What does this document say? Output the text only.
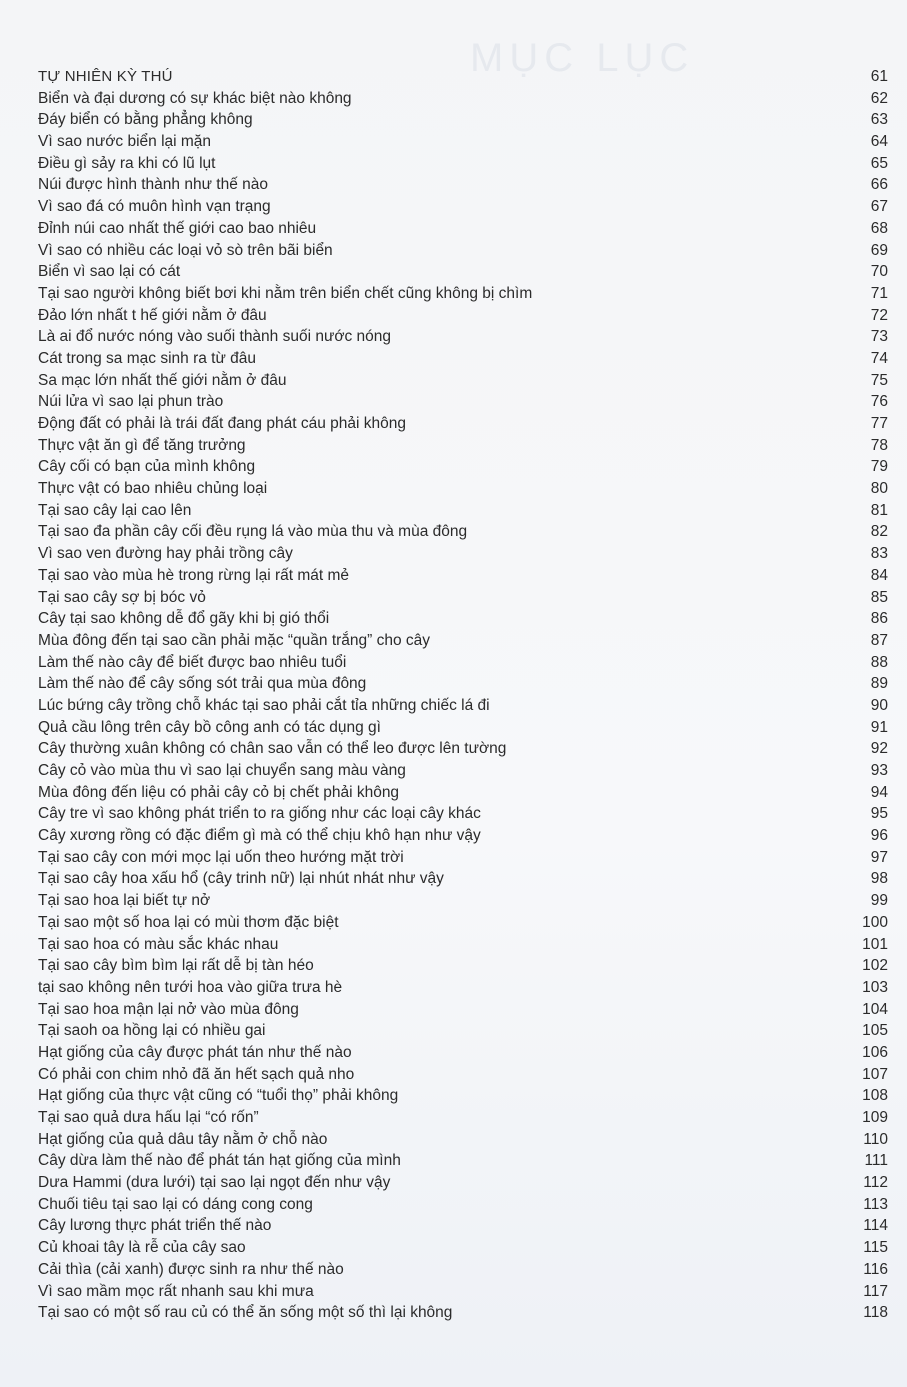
MỤC LỤC
TỰ NHIÊN KỲ THÚ	61
Biển và đại dương có sự khác biệt nào không	62
Đáy biển có bằng phẳng không	63
Vì sao nước biển lại mặn	64
Điều gì sảy ra khi có lũ lụt	65
Núi được hình thành như thế nào	66
Vì sao đá có muôn hình vạn trạng	67
Đỉnh núi cao nhất thế giới cao bao nhiêu	68
Vì sao có nhiều các loại vỏ sò trên bãi biển	69
Biển vì sao lại có cát	70
Tại sao người không biết bơi khi nằm trên biển chết cũng không bị chìm	71
Đảo lớn nhất t hế giới nằm ở đâu	72
Là ai đổ nước nóng vào suối thành suối nước nóng	73
Cát trong sa mạc sinh ra từ đâu	74
Sa mạc lớn nhất thế giới nằm ở đâu	75
Núi lửa vì sao lại phun trào	76
Động đất có phải là trái đất đang phát cáu phải không	77
Thực vật ăn gì để tăng trưởng	78
Cây cối có bạn của mình không	79
Thực vật có bao nhiêu chủng loại	80
Tại sao cây lại cao lên	81
Tại sao đa phần cây cối đều rụng lá vào mùa thu và mùa đông	82
Vì sao ven đường hay phải trồng cây	83
Tại sao vào mùa hè trong rừng lại rất mát mẻ	84
Tại sao cây sợ bị bóc vỏ	85
Cây tại sao không dễ đổ gãy khi bị gió thổi	86
Mùa đông đến tại sao cần phải mặc “quần trắng” cho cây	87
Làm thế nào cây để biết được bao nhiêu tuổi	88
Làm thế nào để cây sống sót trải qua mùa đông	89
Lúc bứng cây trồng chỗ khác tại sao phải cắt tỉa những chiếc lá đi	90
Quả cầu lông trên cây bồ công anh có tác dụng gì	91
Cây thường xuân không có chân sao vẫn có thể leo được lên tường	92
Cây cỏ vào mùa thu vì sao lại chuyển sang màu vàng	93
Mùa đông đến liệu có phải cây cỏ bị chết phải không	94
Cây tre vì sao không phát triển to ra giống như các loại cây khác	95
Cây xương rồng có đặc điểm gì mà có thể chịu khô hạn như vậy	96
Tại sao cây con mới mọc lại uốn theo hướng mặt trời	97
Tại sao cây hoa xấu hổ (cây trinh nữ) lại nhút nhát như vậy	98
Tại sao hoa lại biết tự nở	99
Tại sao một số hoa lại có mùi thơm đặc biệt	100
Tại sao hoa có màu sắc khác nhau	101
Tại sao cây bìm bìm lại rất dễ bị tàn héo	102
tại sao không nên tưới hoa vào giữa trưa hè	103
Tại sao hoa mận lại nở vào mùa đông	104
Tại saoh oa hồng lại có nhiều gai	105
Hạt giống của cây được phát tán như thế nào	106
Có phải con chim nhỏ đã ăn hết sạch quả nho	107
Hạt giống của thực vật cũng có “tuổi thọ” phải không	108
Tại sao quả dưa hấu lại “có rốn”	109
Hạt giống của quả dâu tây nằm ở chỗ nào	110
Cây dừa làm thế nào để phát tán hạt giống của mình	111
Dưa Hammi (dưa lưới) tại sao lại ngọt đến như vậy	112
Chuối tiêu tại sao lại có dáng cong cong	113
Cây lương thực phát triển thế nào	114
Củ khoai tây là rễ của cây sao	115
Cải thìa (cải xanh) được sinh ra như thế nào	116
Vì sao mầm mọc rất nhanh sau khi mưa	117
Tại sao có một số rau củ có thể ăn sống một số thì lại không	118
